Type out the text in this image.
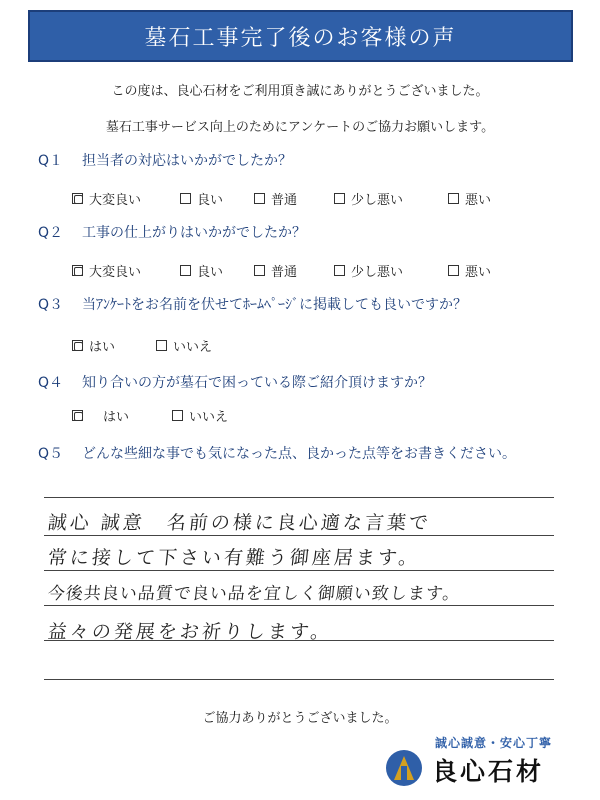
墓石工事完了後のお客様の声
この度は、良心石材をご利用頂き誠にありがとうございました。
墓石工事サービス向上のためにアンケートのご協力お願いします。
Q１ 担当者の対応はいかがでしたか？
大変良い	良い	普通	少し悪い	悪い
Q２ 工事の仕上がりはいかがでしたか？
大変良い	良い	普通	少し悪い	悪い
Q３ 当ｱﾝｹｰﾄをお名前を伏せてﾎｰﾑﾍﾟｰｼﾞに掲載しても良いですか？
はい	いいえ
Q４ 知り合いの方が墓石で困っている際ご紹介頂けますか？
はい	いいえ
Q５ どんな些細な事でも気になった点、良かった点等をお書きください。
誠心 誠意　名前の様に良心適な言葉で
常に接して下さい有難う御座居ます。
今後共良い品質で良い品を宜しく御願い致します。
益々の発展をお祈りします。
ご協力ありがとうございました。
誠心誠意・安心丁寧
良心石材
